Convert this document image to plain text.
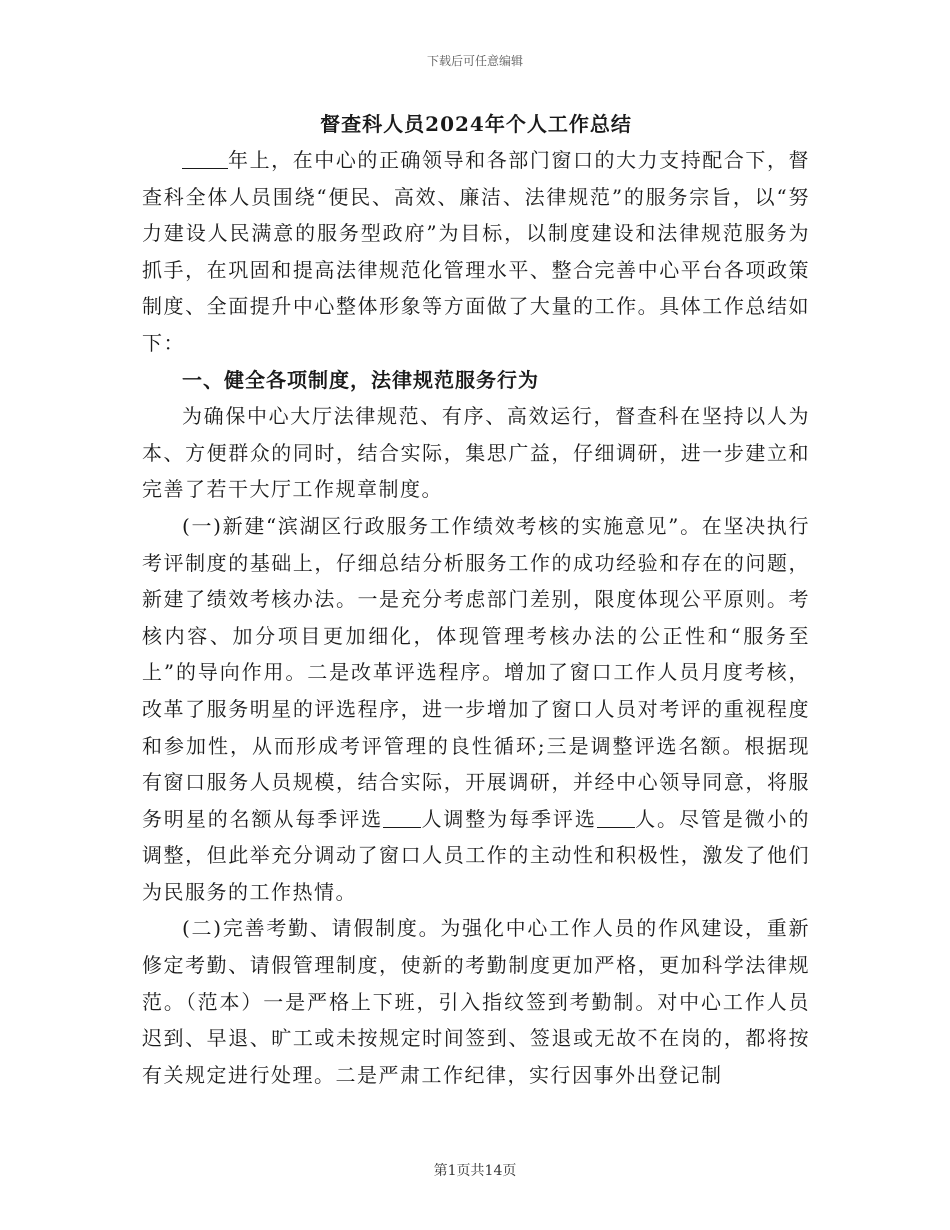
下载后可任意编辑
督查科人员2024年个人工作总结

年上，在中心的正确领导和各部门窗口的大力支持配合下，督查科全体人员围绕“便民、高效、廉洁、法律规范”的服务宗旨，以“努力建设人民满意的服务型政府”为目标，以制度建设和法律规范服务为抓手，在巩固和提高法律规范化管理水平、整合完善中心平台各项政策制度、全面提升中心整体形象等方面做了大量的工作。具体工作总结如下：

一、健全各项制度，法律规范服务行为

为确保中心大厅法律规范、有序、高效运行，督查科在坚持以人为本、方便群众的同时，结合实际，集思广益，仔细调研，进一步建立和完善了若干大厅工作规章制度。

(一)新建“滨湖区行政服务工作绩效考核的实施意见”。在坚决执行考评制度的基础上，仔细总结分析服务工作的成功经验和存在的问题，新建了绩效考核办法。一是充分考虑部门差别，限度体现公平原则。考核内容、加分项目更加细化，体现管理考核办法的公正性和“服务至上”的导向作用。二是改革评选程序。增加了窗口工作人员月度考核，改革了服务明星的评选程序，进一步增加了窗口人员对考评的重视程度和参加性，从而形成考评管理的良性循环;三是调整评选名额。根据现有窗口服务人员规模，结合实际，开展调研，并经中心领导同意，将服务明星的名额从每季评选 人调整为每季评选 人。尽管是微小的调整，但此举充分调动了窗口人员工作的主动性和积极性，激发了他们为民服务的工作热情。

(二)完善考勤、请假制度。为强化中心工作人员的作风建设，重新修定考勤、请假管理制度，使新的考勤制度更加严格，更加科学法律规范。（范本）一是严格上下班，引入指纹签到考勤制。对中心工作人员迟到、早退、旷工或未按规定时间签到、签退或无故不在岗的，都将按有关规定进行处理。二是严肃工作纪律，实行因事外出登记制

第1页共14页
